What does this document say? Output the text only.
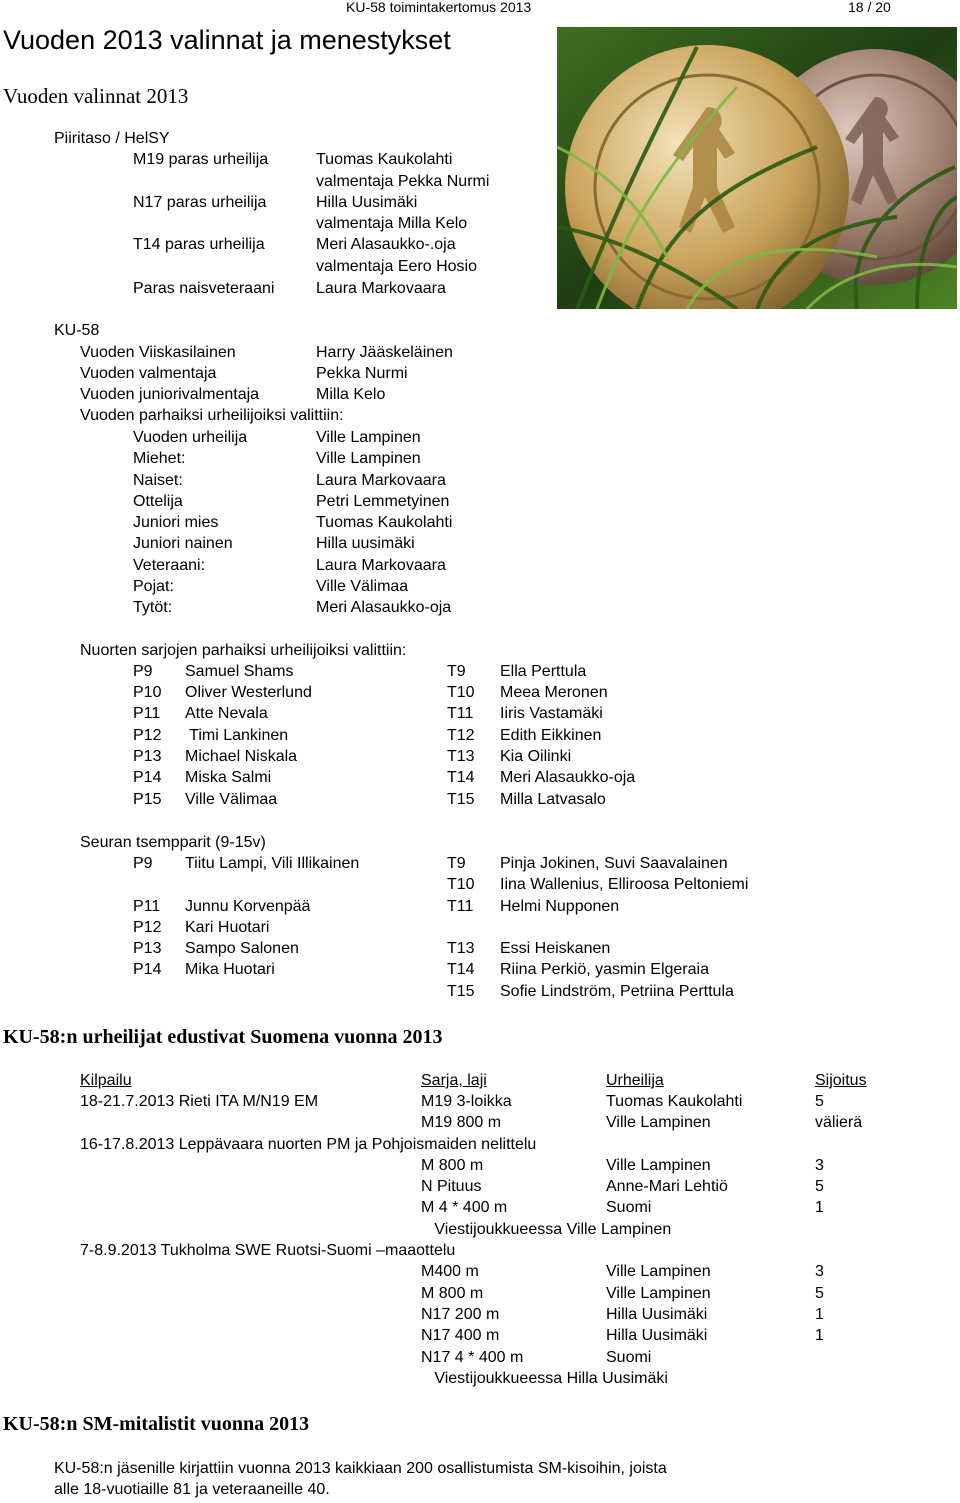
KU-58 toimintakertomus 2013	18 / 20
Vuoden 2013 valinnat ja menestykset
Vuoden valinnat 2013
Piiritaso / HelSY
M19 paras urheilija	Tuomas Kaukolahti
valmentaja Pekka Nurmi
N17 paras urheilija	Hilla Uusimäki
valmentaja Milla Kelo
T14 paras urheilija	Meri Alasaukko-.oja
valmentaja Eero Hosio
Paras naisveteraani	Laura Markovaara
KU-58
Vuoden Viiskasilainen	Harry Jääskeläinen
Vuoden valmentaja	Pekka Nurmi
Vuoden juniorivalmentaja	Milla Kelo
Vuoden parhaiksi urheilijoiksi valittiin:
Vuoden urheilija	Ville Lampinen
Miehet:	Ville Lampinen
Naiset:	Laura Markovaara
Ottelija	Petri Lemmetyinen
Juniori mies	Tuomas Kaukolahti
Juniori nainen	Hilla uusimäki
Veteraani:	Laura Markovaara
Pojat:	Ville Välimaa
Tytöt:	Meri Alasaukko-oja
Nuorten sarjojen parhaiksi urheilijoiksi valittiin:
P9 Samuel Shams	T9 Ella Perttula
P10 Oliver Westerlund	T10 Meea Meronen
P11 Atte Nevala	T11 Iiris Vastamäki
P12 Timi Lankinen	T12 Edith Eikkinen
P13 Michael Niskala	T13 Kia Oilinki
P14 Miska Salmi	T14 Meri Alasaukko-oja
P15 Ville Välimaa	T15 Milla Latvasalo
Seuran tsempparit (9-15v)
P9 Tiitu Lampi, Vili Illikainen	T9 Pinja Jokinen, Suvi Saavalainen
T10 Iina Wallenius, Elliroosa Peltoniemi
P11 Junnu Korvenpää	T11 Helmi Nupponen
P12 Kari Huotari
P13 Sampo Salonen	T13 Essi Heiskanen
P14 Mika Huotari	T14 Riina Perkiö, yasmin Elgeraia
T15 Sofie Lindström, Petriina Perttula
KU-58:n urheilijat edustivat Suomena vuonna 2013
Kilpailu	Sarja, laji	Urheilija	Sijoitus
18-21.7.2013 Rieti ITA M/N19 EM	M19 3-loikka	Tuomas Kaukolahti	5
M19 800 m	Ville Lampinen	välierä
16-17.8.2013 Leppävaara nuorten PM ja Pohjoismaiden nelittelu
M 800 m	Ville Lampinen	3
N Pituus	Anne-Mari Lehtiö	5
M 4 * 400 m	Suomi	1
Viestijoukkueessa Ville Lampinen
7-8.9.2013 Tukholma SWE Ruotsi-Suomi –maaottelu
M400 m	Ville Lampinen	3
M 800 m	Ville Lampinen	5
N17 200 m	Hilla Uusimäki	1
N17 400 m	Hilla Uusimäki	1
N17 4 * 400 m	Suomi
Viestijoukkueessa Hilla Uusimäki
KU-58:n SM-mitalistit vuonna 2013
KU-58:n jäsenille kirjattiin vuonna 2013 kaikkiaan 200 osallistumista SM-kisoihin, joista
alle 18-vuotiaille 81 ja veteraaneille 40.
